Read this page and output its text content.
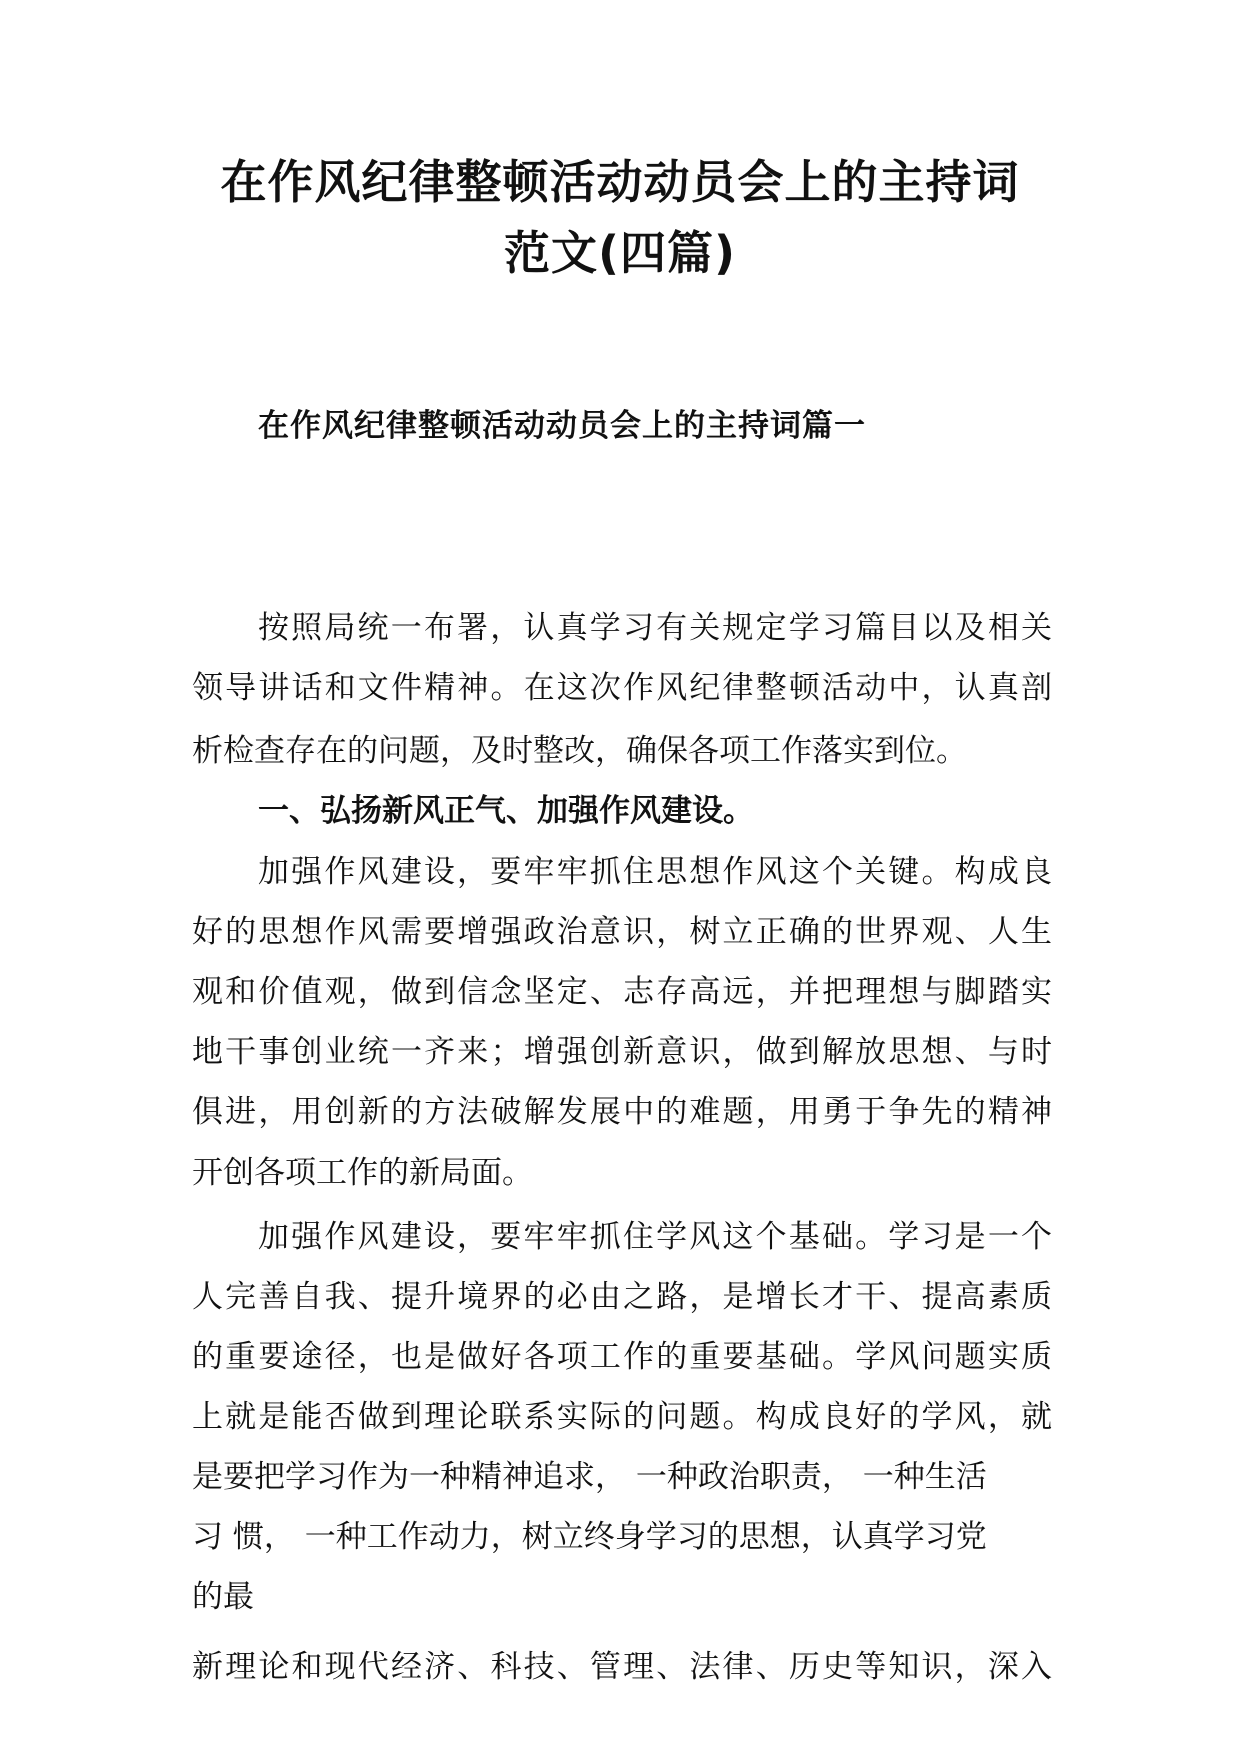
在作风纪律整顿活动动员会上的主持词
范文(四篇)
在作风纪律整顿活动动员会上的主持词篇一

按照局统一布署，认真学习有关规定学习篇目以及相关

领导讲话和文件精神。在这次作风纪律整顿活动中，认真剖

析检查存在的问题，及时整改，确保各项工作落实到位。

一、弘扬新风正气、加强作风建设。

加强作风建设，要牢牢抓住思想作风这个关键。构成良

好的思想作风需要增强政治意识，树立正确的世界观、人生

观和价值观，做到信念坚定、志存高远，并把理想与脚踏实

地干事创业统一齐来；增强创新意识，做到解放思想、与时

俱进，用创新的方法破解发展中的难题，用勇于争先的精神

开创各项工作的新局面。

加强作风建设，要牢牢抓住学风这个基础。学习是一个

人完善自我、提升境界的必由之路，是增长才干、提高素质

的重要途径，也是做好各项工作的重要基础。学风问题实质

上就是能否做到理论联系实际的问题。构成良好的学风，就

是要把学习作为一种精神追求， 一种政治职责， 一种生活

习 惯， 一种工作动力，树立终身学习的思想，认真学习党

的最

新理论和现代经济、科技、管理、法律、历史等知识，深入
